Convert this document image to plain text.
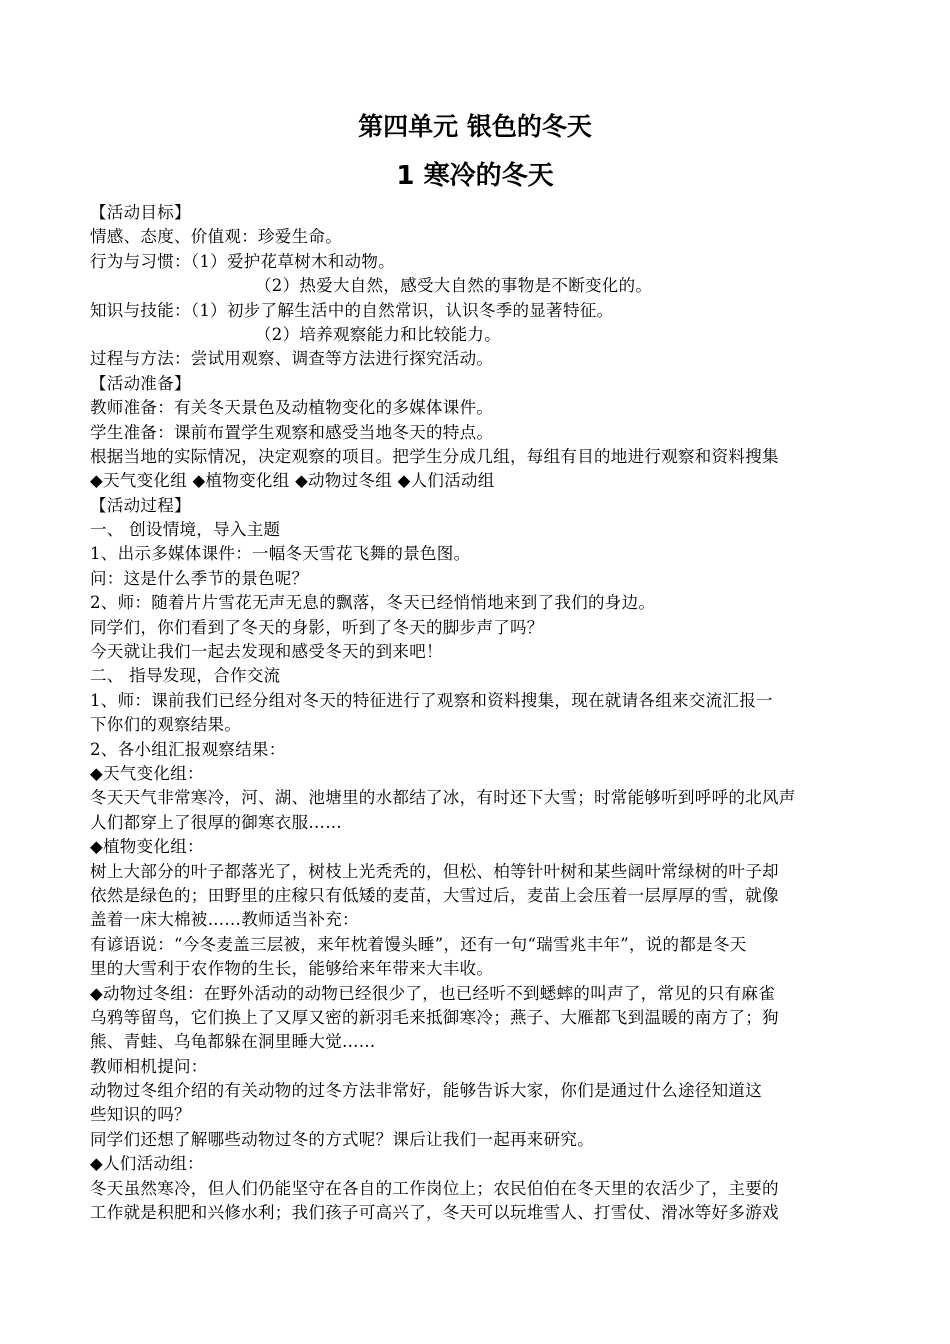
第四单元 银色的冬天
1 寒冷的冬天
【活动目标】
情感、态度、价值观：珍爱生命。
行为与习惯：（1）爱护花草树木和动物。
（2）热爱大自然，感受大自然的事物是不断变化的。
知识与技能：（1）初步了解生活中的自然常识，认识冬季的显著特征。
（2）培养观察能力和比较能力。
过程与方法：尝试用观察、调查等方法进行探究活动。
【活动准备】
教师准备：有关冬天景色及动植物变化的多媒体课件。
学生准备：课前布置学生观察和感受当地冬天的特点。
根据当地的实际情况，决定观察的项目。把学生分成几组，每组有目的地进行观察和资料搜集
◆天气变化组 ◆植物变化组 ◆动物过冬组 ◆人们活动组
【活动过程】
一、 创设情境，导入主题
1、出示多媒体课件：一幅冬天雪花飞舞的景色图。
问：这是什么季节的景色呢？
2、师：随着片片雪花无声无息的飘落，冬天已经悄悄地来到了我们的身边。
同学们，你们看到了冬天的身影，听到了冬天的脚步声了吗？
今天就让我们一起去发现和感受冬天的到来吧！
二、 指导发现，合作交流
1、师：课前我们已经分组对冬天的特征进行了观察和资料搜集，现在就请各组来交流汇报一
下你们的观察结果。
2、各小组汇报观察结果：
◆天气变化组：
冬天天气非常寒冷，河、湖、池塘里的水都结了冰，有时还下大雪；时常能够听到呼呼的北风声
人们都穿上了很厚的御寒衣服……
◆植物变化组：
树上大部分的叶子都落光了，树枝上光秃秃的，但松、柏等针叶树和某些阔叶常绿树的叶子却
依然是绿色的；田野里的庄稼只有低矮的麦苗，大雪过后，麦苗上会压着一层厚厚的雪，就像
盖着一床大棉被……教师适当补充：
有谚语说：“今冬麦盖三层被，来年枕着馒头睡”，还有一句“瑞雪兆丰年”，说的都是冬天
里的大雪利于农作物的生长，能够给来年带来大丰收。
◆动物过冬组：在野外活动的动物已经很少了，也已经听不到蟋蟀的叫声了，常见的只有麻雀
乌鸦等留鸟，它们换上了又厚又密的新羽毛来抵御寒冷；燕子、大雁都飞到温暖的南方了；狗
熊、青蛙、乌龟都躲在洞里睡大觉……
教师相机提问：
动物过冬组介绍的有关动物的过冬方法非常好，能够告诉大家，你们是通过什么途径知道这
些知识的吗？
同学们还想了解哪些动物过冬的方式呢？课后让我们一起再来研究。
◆人们活动组：
冬天虽然寒冷，但人们仍能坚守在各自的工作岗位上；农民伯伯在冬天里的农活少了，主要的
工作就是积肥和兴修水利；我们孩子可高兴了，冬天可以玩堆雪人、打雪仗、滑冰等好多游戏
